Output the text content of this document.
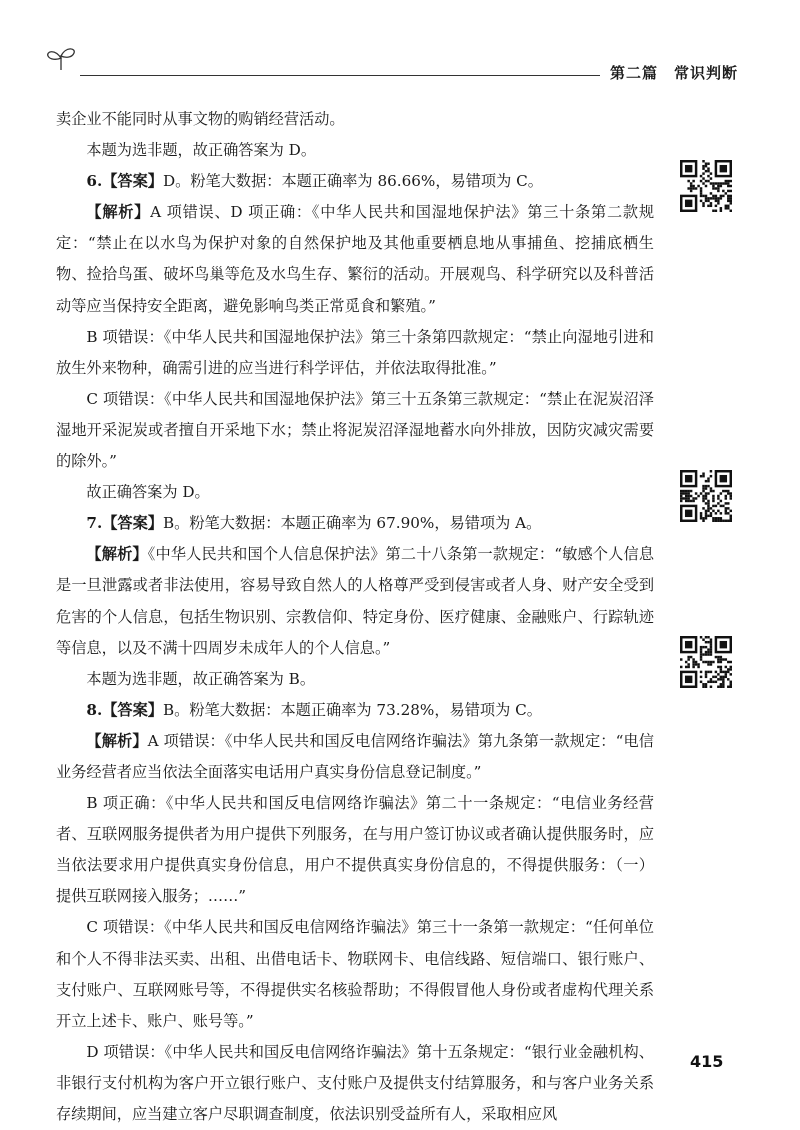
第二篇　常识判断

卖企业不能同时从事文物的购销经营活动。

本题为选非题，故正确答案为 D。

6.【答案】D。粉笔大数据：本题正确率为 86.66%，易错项为 C。

【解析】A 项错误、D 项正确：《中华人民共和国湿地保护法》第三十条第二款规定：“禁止在以水鸟为保护对象的自然保护地及其他重要栖息地从事捕鱼、挖捕底栖生物、捡拾鸟蛋、破坏鸟巢等危及水鸟生存、繁衍的活动。开展观鸟、科学研究以及科普活动等应当保持安全距离，避免影响鸟类正常觅食和繁殖。”

B 项错误：《中华人民共和国湿地保护法》第三十条第四款规定：“禁止向湿地引进和放生外来物种，确需引进的应当进行科学评估，并依法取得批准。”

C 项错误：《中华人民共和国湿地保护法》第三十五条第三款规定：“禁止在泥炭沼泽湿地开采泥炭或者擅自开采地下水；禁止将泥炭沼泽湿地蓄水向外排放，因防灾减灾需要的除外。”

故正确答案为 D。

7.【答案】B。粉笔大数据：本题正确率为 67.90%，易错项为 A。

【解析】《中华人民共和国个人信息保护法》第二十八条第一款规定：“敏感个人信息是一旦泄露或者非法使用，容易导致自然人的人格尊严受到侵害或者人身、财产安全受到危害的个人信息，包括生物识别、宗教信仰、特定身份、医疗健康、金融账户、行踪轨迹等信息，以及不满十四周岁未成年人的个人信息。”

本题为选非题，故正确答案为 B。

8.【答案】B。粉笔大数据：本题正确率为 73.28%，易错项为 C。

【解析】A 项错误：《中华人民共和国反电信网络诈骗法》第九条第一款规定：“电信业务经营者应当依法全面落实电话用户真实身份信息登记制度。”

B 项正确：《中华人民共和国反电信网络诈骗法》第二十一条规定：“电信业务经营者、互联网服务提供者为用户提供下列服务，在与用户签订协议或者确认提供服务时，应当依法要求用户提供真实身份信息，用户不提供真实身份信息的，不得提供服务：（一）提供互联网接入服务；……”

C 项错误：《中华人民共和国反电信网络诈骗法》第三十一条第一款规定：“任何单位和个人不得非法买卖、出租、出借电话卡、物联网卡、电信线路、短信端口、银行账户、支付账户、互联网账号等，不得提供实名核验帮助；不得假冒他人身份或者虚构代理关系开立上述卡、账户、账号等。”

D 项错误：《中华人民共和国反电信网络诈骗法》第十五条规定：“银行业金融机构、非银行支付机构为客户开立银行账户、支付账户及提供支付结算服务，和与客户业务关系存续期间，应当建立客户尽职调查制度，依法识别受益所有人，采取相应风

415
